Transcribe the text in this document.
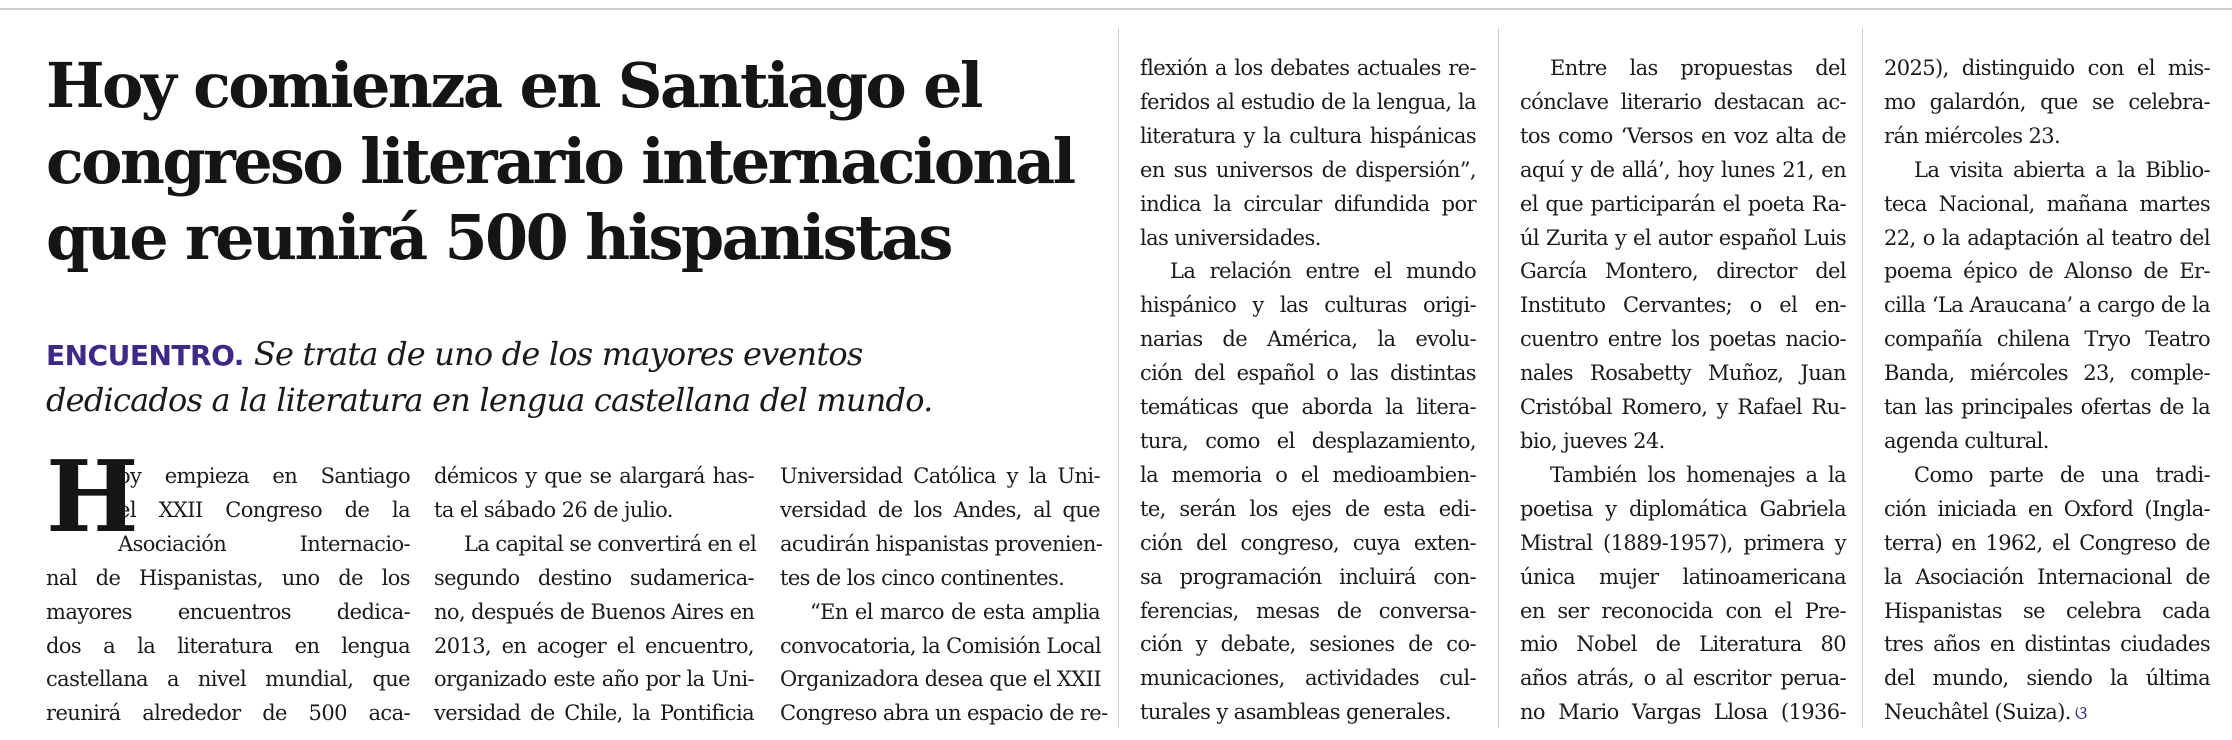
Hoy comienza en Santiago el
congreso literario internacional
que reunirá 500 hispanistas
ENCUENTRO. Se trata de uno de los mayores eventos
dedicados a la literatura en lengua castellana del mundo.
H
oy empieza en Santiago
el XXII Congreso de la
Asociación Internacio-
nal de Hispanistas, uno de los
mayores encuentros dedica-
dos a la literatura en lengua
castellana a nivel mundial, que
reunirá alrededor de 500 aca-
démicos y que se alargará has-
ta el sábado 26 de julio.
La capital se convertirá en el
segundo destino sudamerica-
no, después de Buenos Aires en
2013, en acoger el encuentro,
organizado este año por la Uni-
versidad de Chile, la Pontificia
Universidad Católica y la Uni-
versidad de los Andes, al que
acudirán hispanistas provenien-
tes de los cinco continentes.
“En el marco de esta amplia
convocatoria, la Comisión Local
Organizadora desea que el XXII
Congreso abra un espacio de re-
flexión a los debates actuales re-
feridos al estudio de la lengua, la
literatura y la cultura hispánicas
en sus universos de dispersión”,
indica la circular difundida por
las universidades.
La relación entre el mundo
hispánico y las culturas origi-
narias de América, la evolu-
ción del español o las distintas
temáticas que aborda la litera-
tura, como el desplazamiento,
la memoria o el medioambien-
te, serán los ejes de esta edi-
ción del congreso, cuya exten-
sa programación incluirá con-
ferencias, mesas de conversa-
ción y debate, sesiones de co-
municaciones, actividades cul-
turales y asambleas generales.
Entre las propuestas del
cónclave literario destacan ac-
tos como ‘Versos en voz alta de
aquí y de allá’, hoy lunes 21, en
el que participarán el poeta Ra-
úl Zurita y el autor español Luis
García Montero, director del
Instituto Cervantes; o el en-
cuentro entre los poetas nacio-
nales Rosabetty Muñoz, Juan
Cristóbal Romero, y Rafael Ru-
bio, jueves 24.
También los homenajes a la
poetisa y diplomática Gabriela
Mistral (1889-1957), primera y
única mujer latinoamericana
en ser reconocida con el Pre-
mio Nobel de Literatura 80
años atrás, o al escritor perua-
no Mario Vargas Llosa (1936-
2025), distinguido con el mis-
mo galardón, que se celebra-
rán miércoles 23.
La visita abierta a la Biblio-
teca Nacional, mañana martes
22, o la adaptación al teatro del
poema épico de Alonso de Er-
cilla ‘La Araucana’ a cargo de la
compañía chilena Tryo Teatro
Banda, miércoles 23, comple-
tan las principales ofertas de la
agenda cultural.
Como parte de una tradi-
ción iniciada en Oxford (Ingla-
terra) en 1962, el Congreso de
la Asociación Internacional de
Hispanistas se celebra cada
tres años en distintas ciudades
del mundo, siendo la última
Neuchâtel (Suiza). ଓ
